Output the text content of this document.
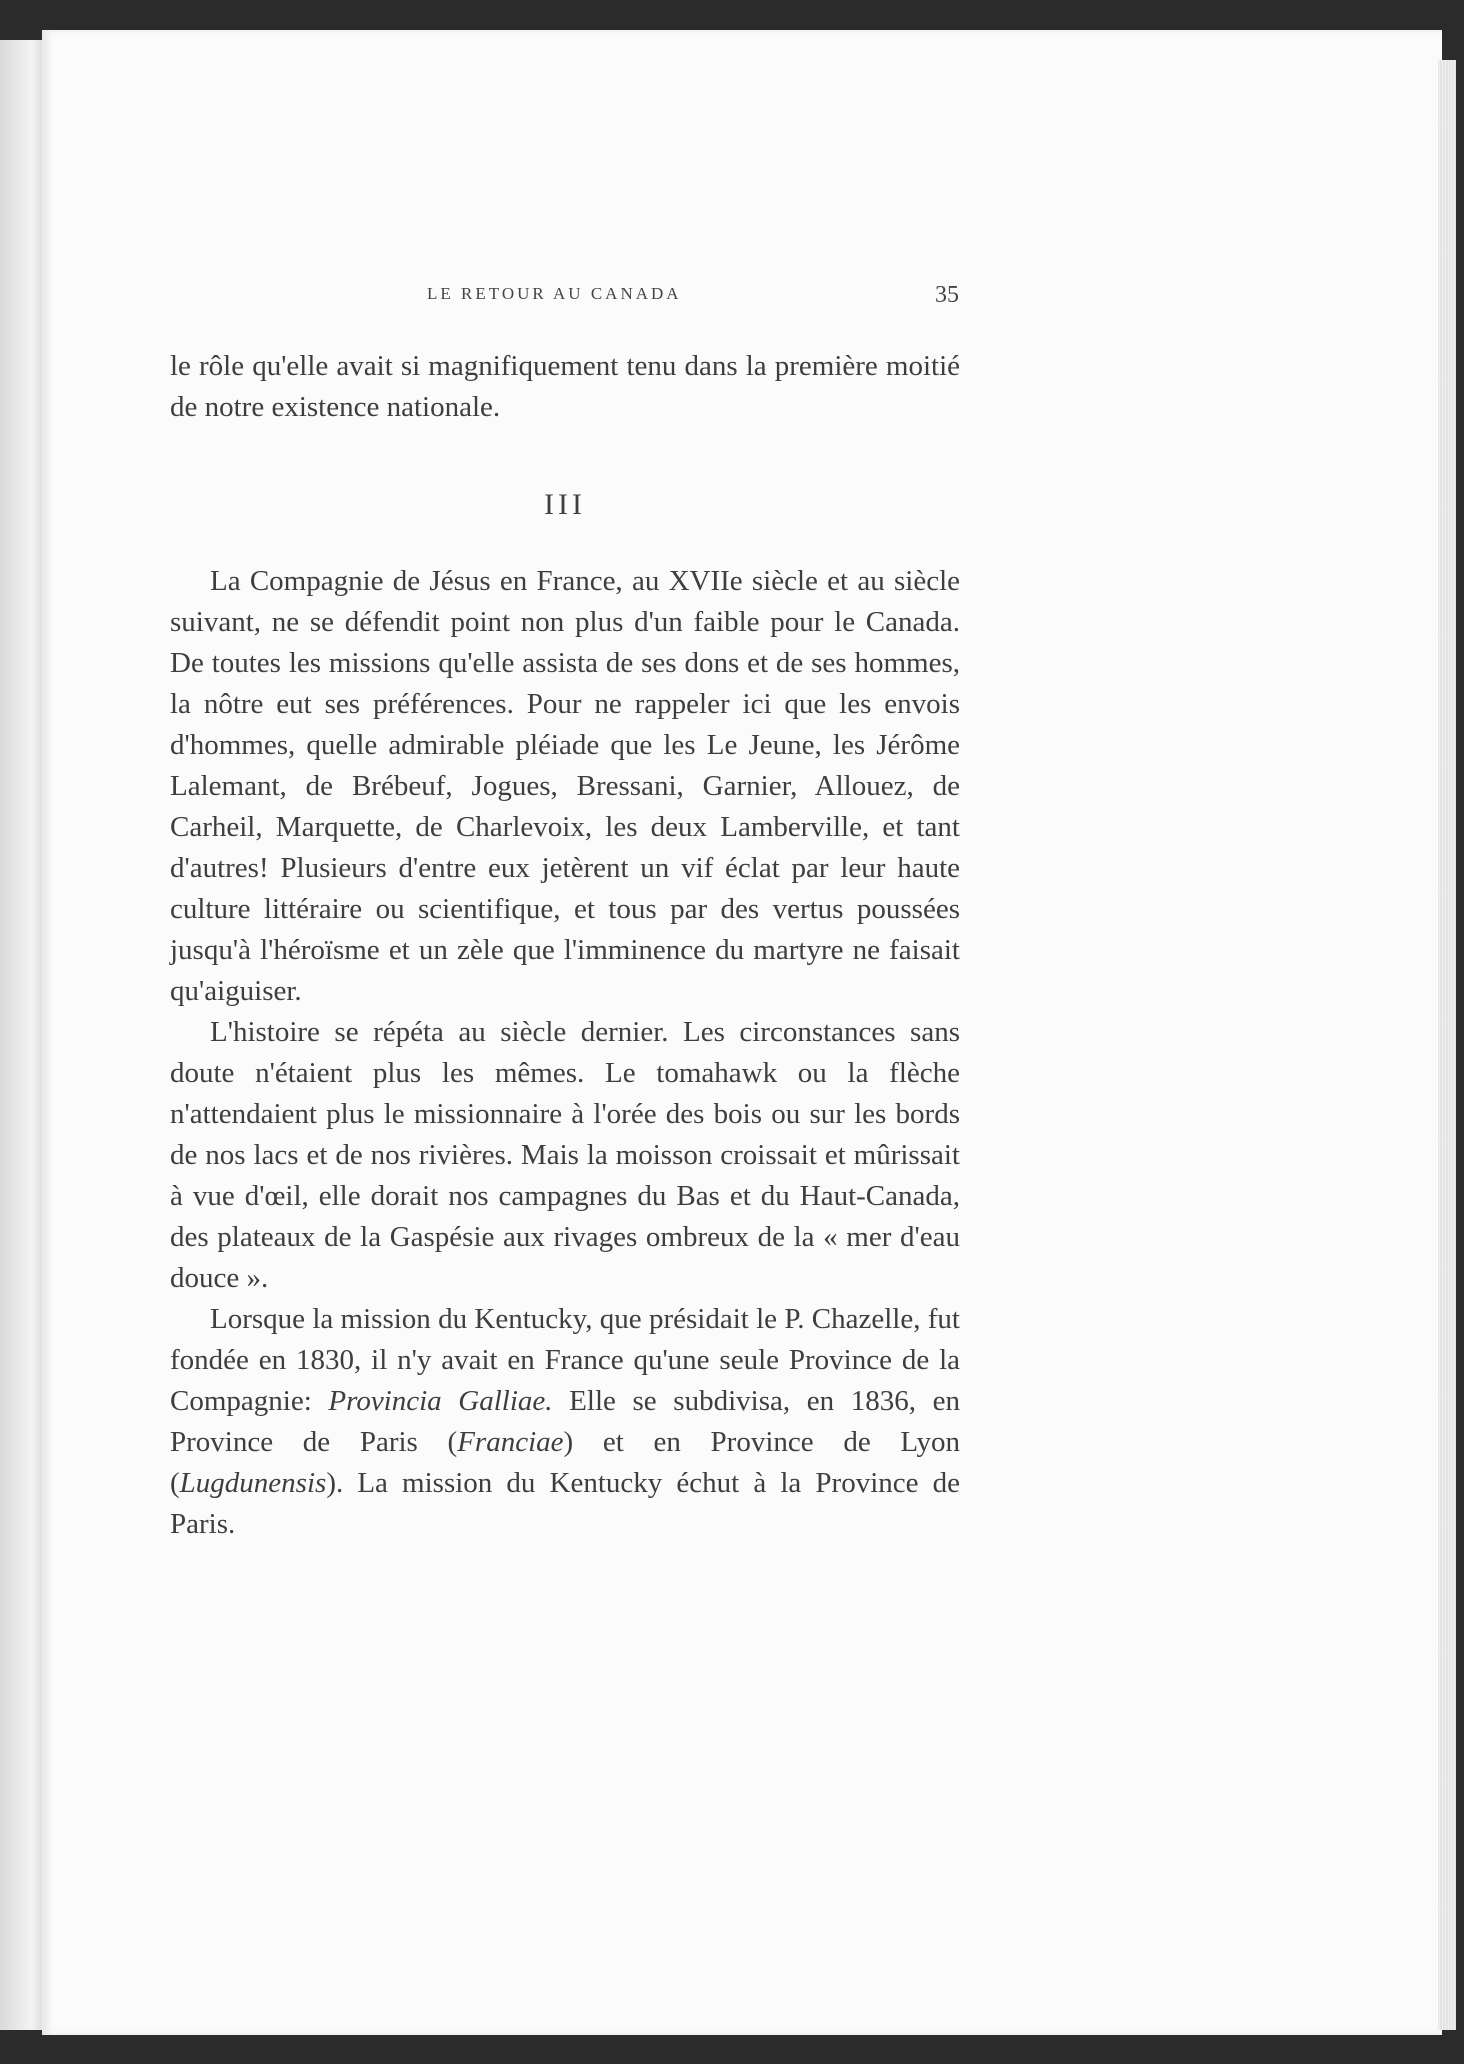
LE RETOUR AU CANADA	35

le rôle qu'elle avait si magnifiquement tenu dans la première moitié de notre existence nationale.

III

La Compagnie de Jésus en France, au XVIIe siècle et au siècle suivant, ne se défendit point non plus d'un faible pour le Canada. De toutes les missions qu'elle assista de ses dons et de ses hommes, la nôtre eut ses préférences. Pour ne rappeler ici que les envois d'hommes, quelle admirable pléiade que les Le Jeune, les Jérôme Lalemant, de Brébeuf, Jogues, Bressani, Garnier, Allouez, de Carheil, Marquette, de Charlevoix, les deux Lamberville, et tant d'autres! Plusieurs d'entre eux jetèrent un vif éclat par leur haute culture littéraire ou scientifique, et tous par des vertus poussées jusqu'à l'héroïsme et un zèle que l'imminence du martyre ne faisait qu'aiguiser.

L'histoire se répéta au siècle dernier. Les circonstances sans doute n'étaient plus les mêmes. Le tomahawk ou la flèche n'attendaient plus le missionnaire à l'orée des bois ou sur les bords de nos lacs et de nos rivières. Mais la moisson croissait et mûrissait à vue d'œil, elle dorait nos campagnes du Bas et du Haut-Canada, des plateaux de la Gaspésie aux rivages ombreux de la « mer d'eau douce ».

Lorsque la mission du Kentucky, que présidait le P. Chazelle, fut fondée en 1830, il n'y avait en France qu'une seule Province de la Compagnie: Provincia Galliae. Elle se subdivisa, en 1836, en Province de Paris (Franciae) et en Province de Lyon (Lugdunensis). La mission du Kentucky échut à la Province de Paris.
